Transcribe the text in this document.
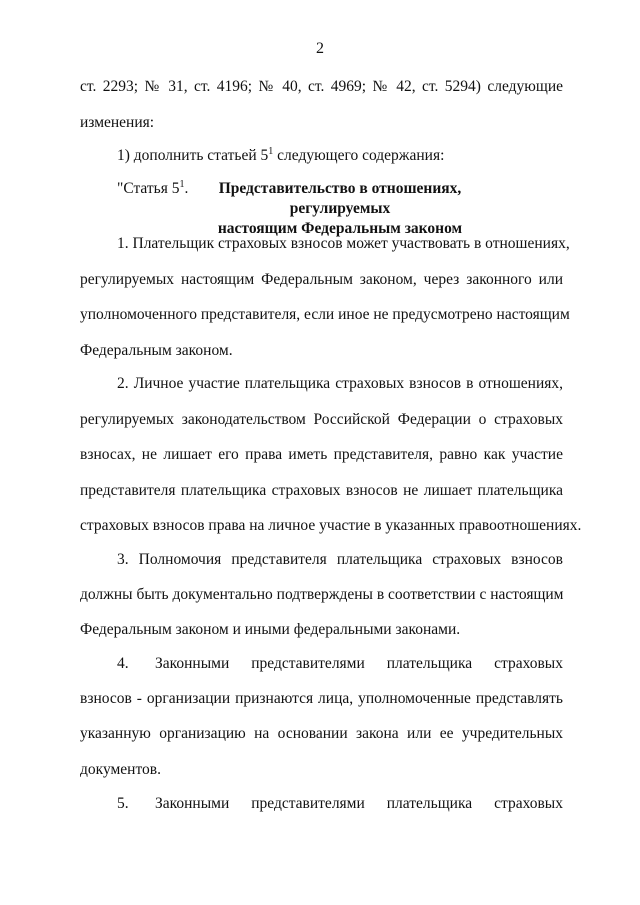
2
ст. 2293; № 31, ст. 4196; № 40, ст. 4969; № 42, ст. 5294) следующие
изменения:
1) дополнить статьей $5^1$ следующего содержания:
"Статья $5^1$.	Представительство в отношениях, регулируемых
настоящим Федеральным законом
1. Плательщик страховых взносов может участвовать в отношениях,
регулируемых настоящим Федеральным законом, через законного или
уполномоченного представителя, если иное не предусмотрено настоящим
Федеральным законом.
2. Личное участие плательщика страховых взносов в отношениях,
регулируемых законодательством Российской Федерации о страховых
взносах, не лишает его права иметь представителя, равно как участие
представителя плательщика страховых взносов не лишает плательщика
страховых взносов права на личное участие в указанных правоотношениях.
3. Полномочия представителя плательщика страховых взносов
должны быть документально подтверждены в соответствии с настоящим
Федеральным законом и иными федеральными законами.
4. Законными представителями плательщика страховых
взносов - организации признаются лица, уполномоченные представлять
указанную организацию на основании закона или ее учредительных
документов.
5. Законными представителями плательщика страховых
